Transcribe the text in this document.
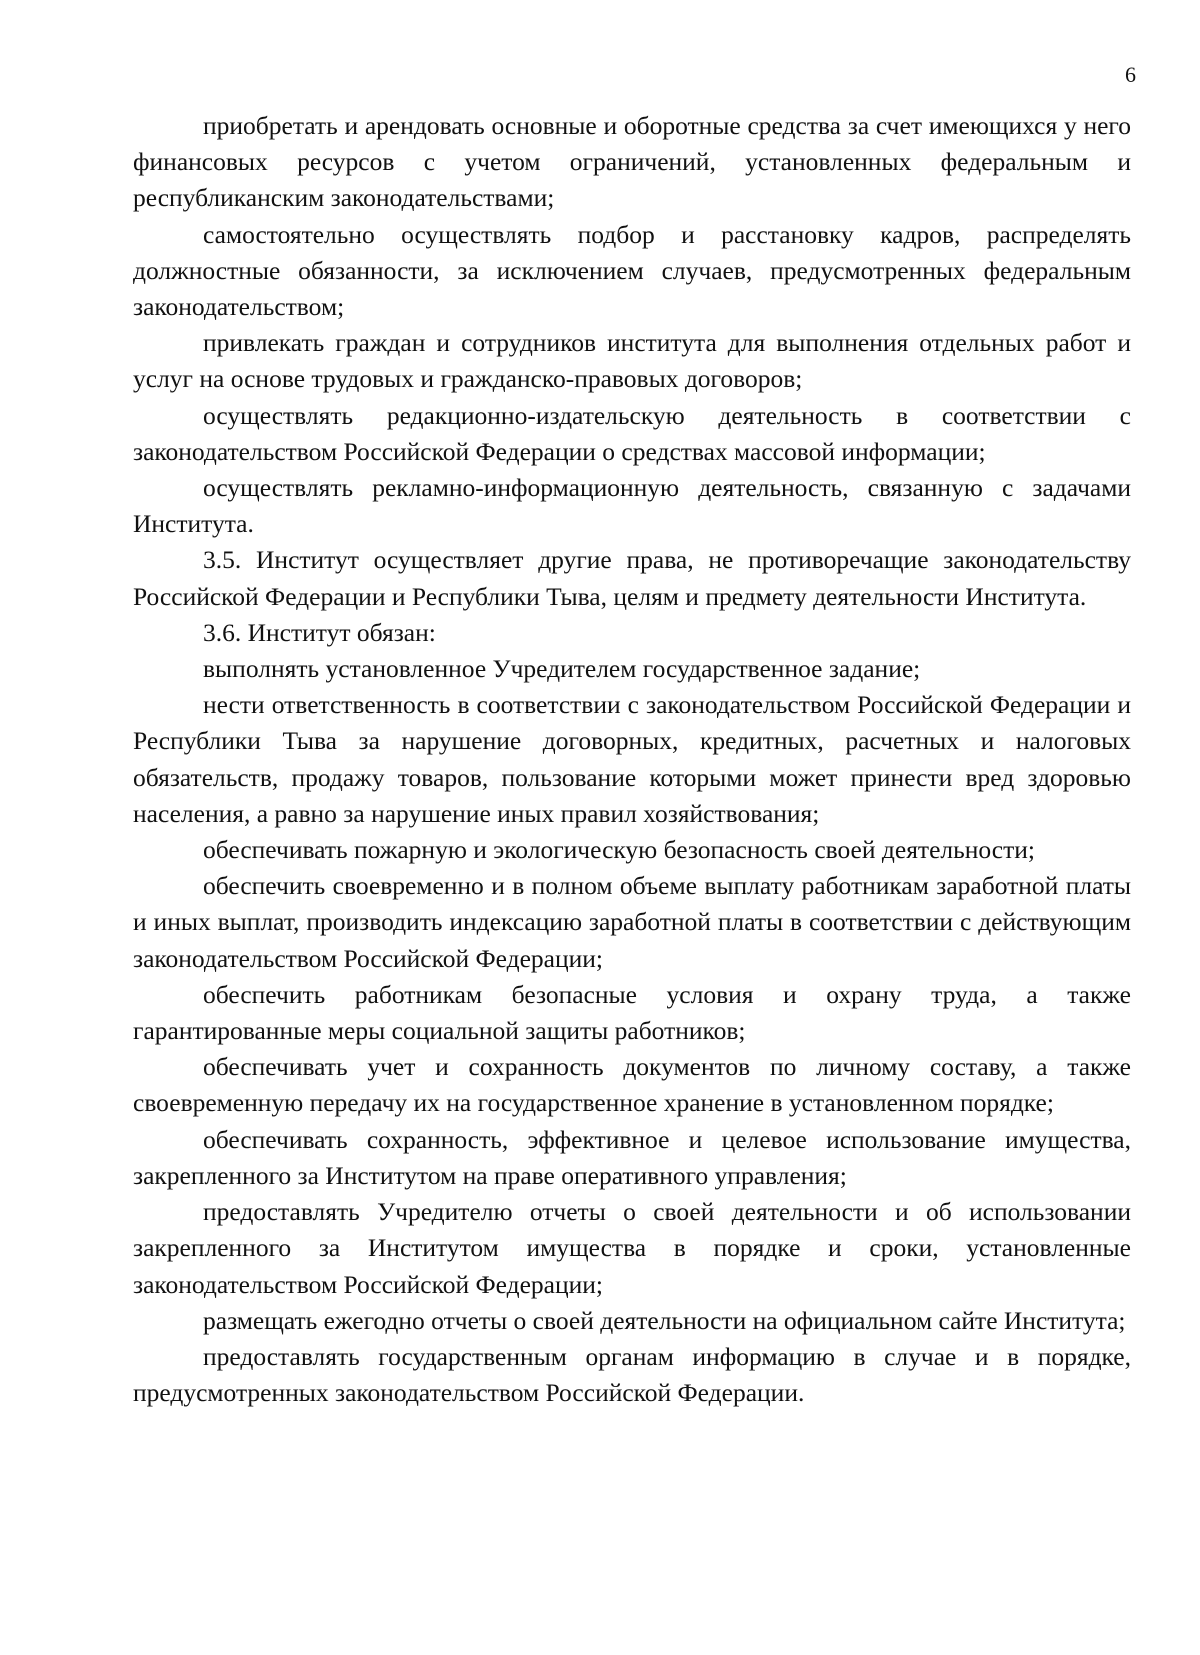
6

приобретать и арендовать основные и оборотные средства за счет имеющихся у него финансовых ресурсов с учетом ограничений, установленных федеральным и республиканским законодательствами;

самостоятельно осуществлять подбор и расстановку кадров, распределять должностные обязанности, за исключением случаев, предусмотренных федеральным законодательством;

привлекать граждан и сотрудников института для выполнения отдельных работ и услуг на основе трудовых и гражданско-правовых договоров;

осуществлять редакционно-издательскую деятельность в соответствии с законодательством Российской Федерации о средствах массовой информации;

осуществлять рекламно-информационную деятельность, связанную с задачами Института.

3.5. Институт осуществляет другие права, не противоречащие законодательству Российской Федерации и Республики Тыва, целям и предмету деятельности Института.

3.6. Институт обязан:

выполнять установленное Учредителем государственное задание;

нести ответственность в соответствии с законодательством Российской Федерации и Республики Тыва за нарушение договорных, кредитных, расчетных и налоговых обязательств, продажу товаров, пользование которыми может принести вред здоровью населения, а равно за нарушение иных правил хозяйствования;

обеспечивать пожарную и экологическую безопасность своей деятельности;

обеспечить своевременно и в полном объеме выплату работникам заработной платы и иных выплат, производить индексацию заработной платы в соответствии с действующим законодательством Российской Федерации;

обеспечить работникам безопасные условия и охрану труда, а также гарантированные меры социальной защиты работников;

обеспечивать учет и сохранность документов по личному составу, а также своевременную передачу их на государственное хранение в установленном порядке;

обеспечивать сохранность, эффективное и целевое использование имущества, закрепленного за Институтом на праве оперативного управления;

предоставлять Учредителю отчеты о своей деятельности и об использовании закрепленного за Институтом имущества в порядке и сроки, установленные законодательством Российской Федерации;

размещать ежегодно отчеты о своей деятельности на официальном сайте Института;

предоставлять государственным органам информацию в случае и в порядке, предусмотренных законодательством Российской Федерации.
